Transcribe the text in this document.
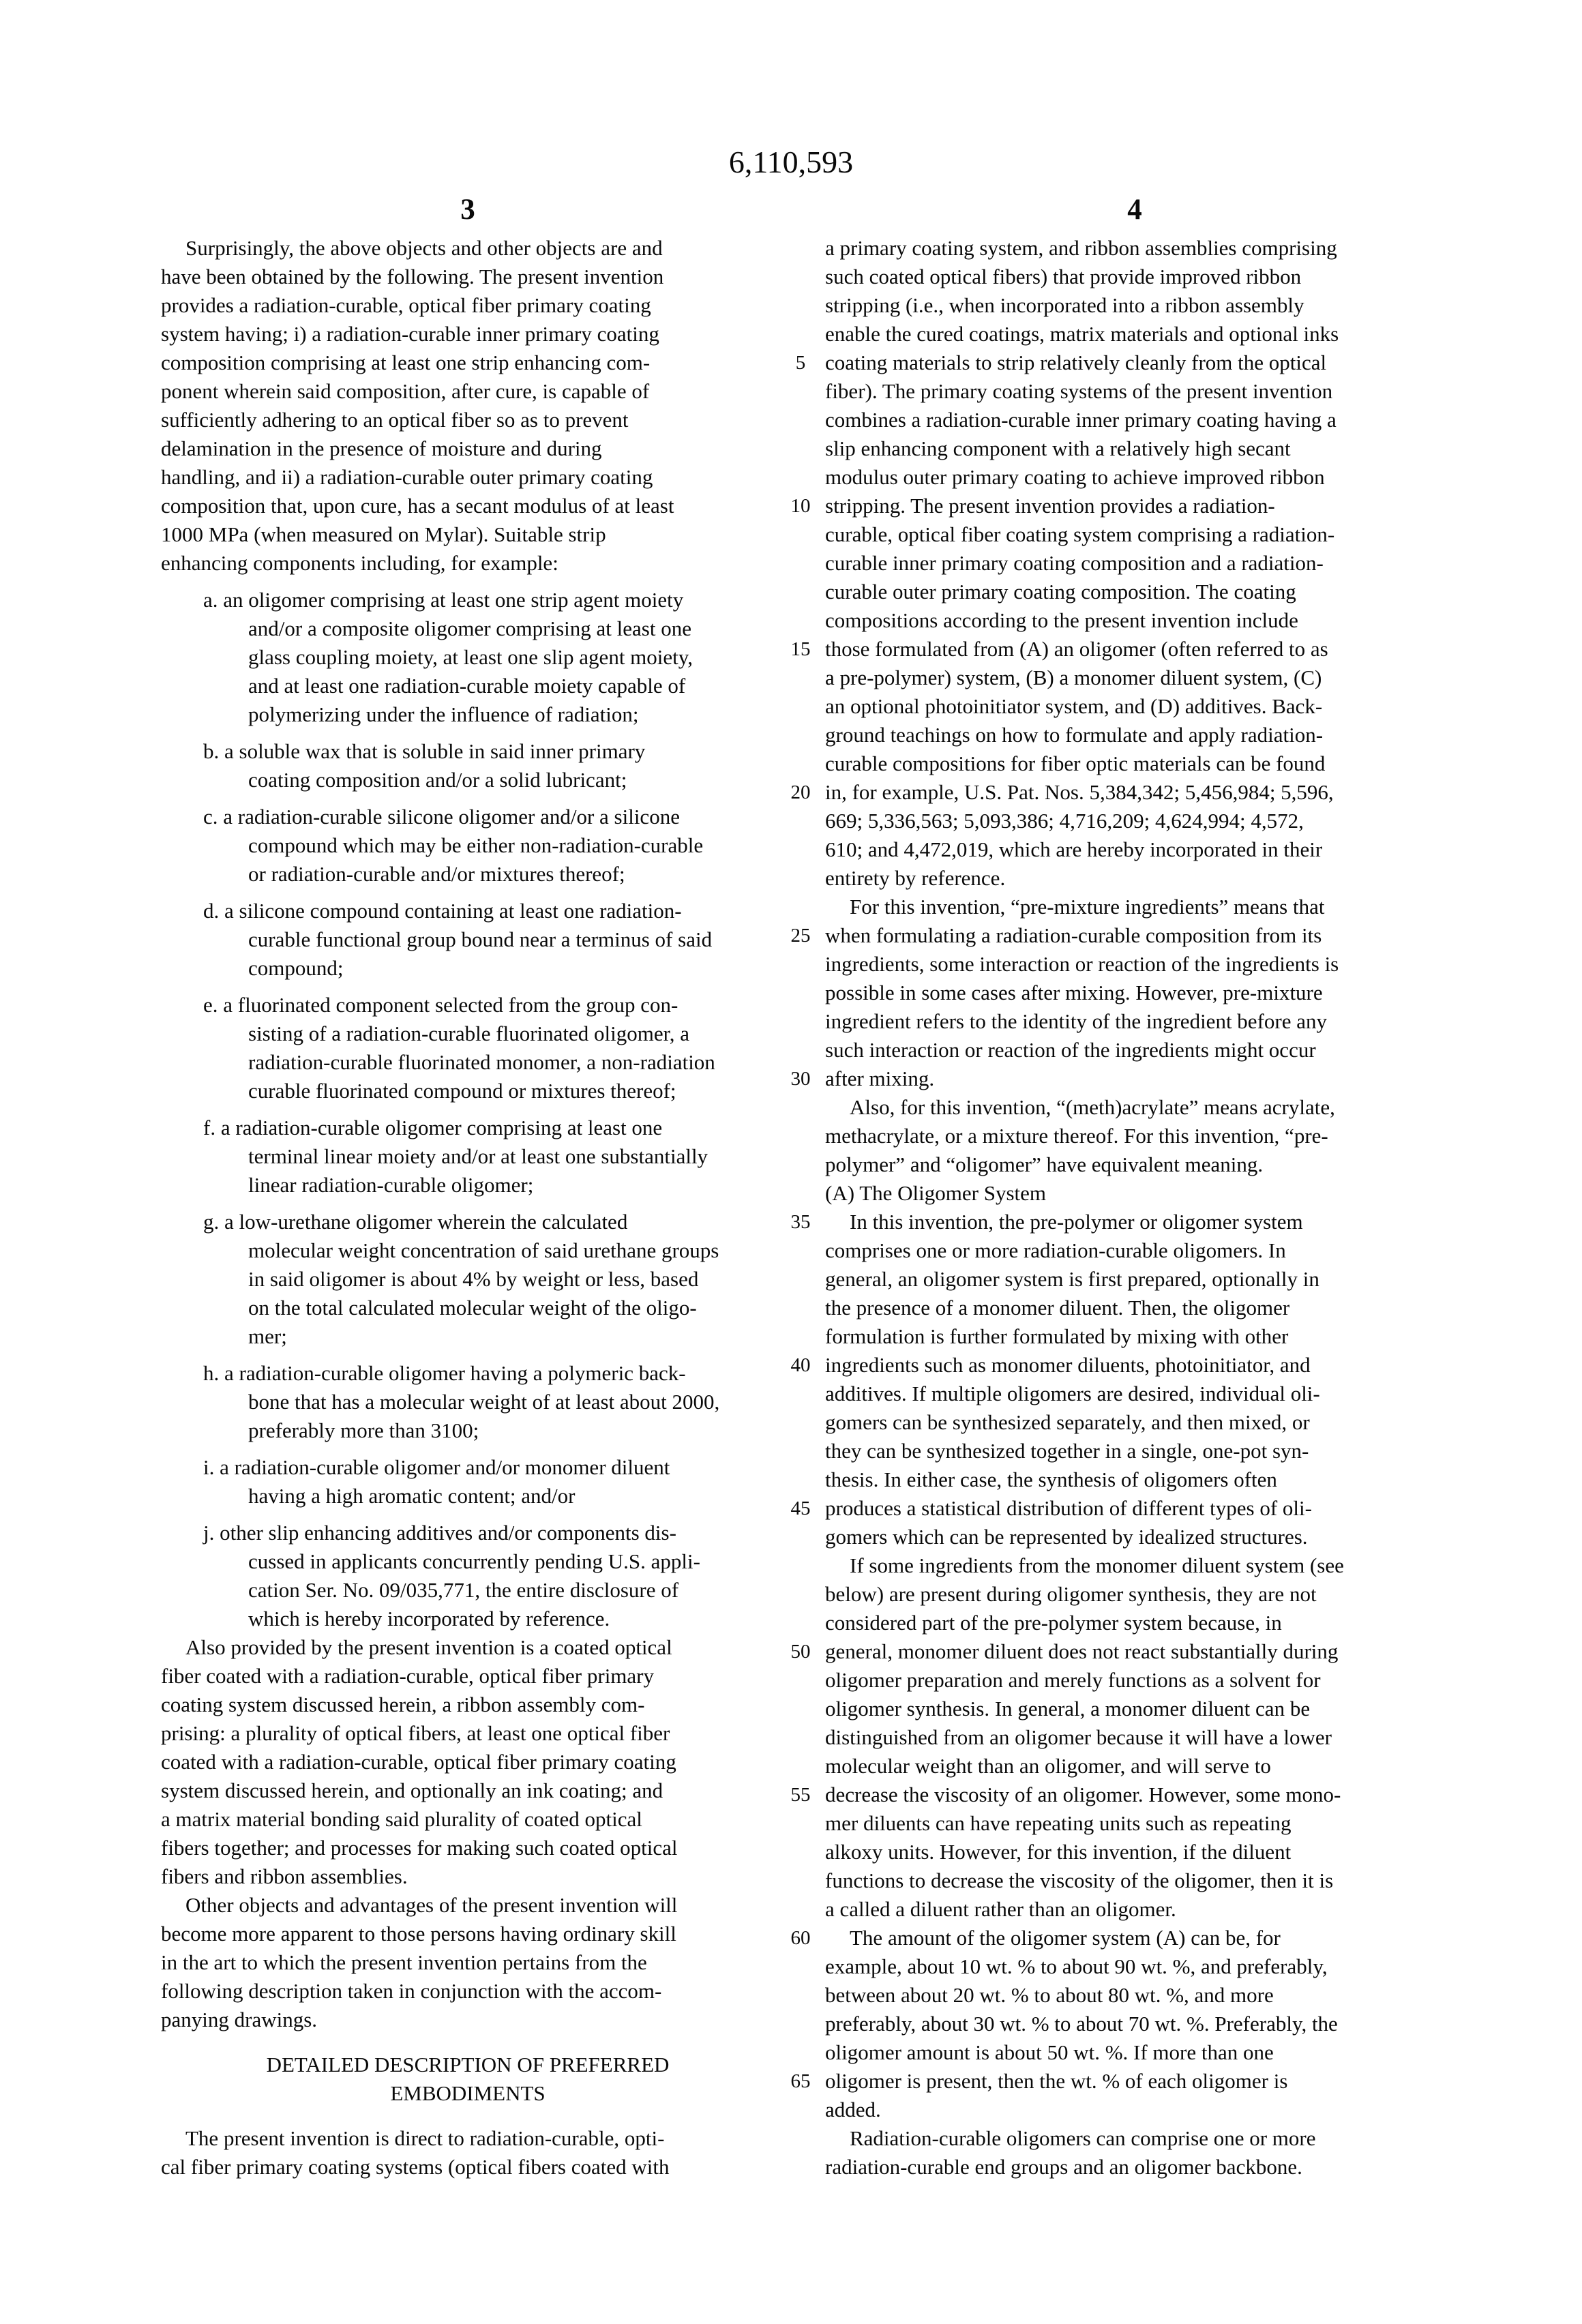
6,110,593
3	4
Surprisingly, the above objects and other objects are and
have been obtained by the following. The present invention
provides a radiation-curable, optical fiber primary coating
system having; i) a radiation-curable inner primary coating
composition comprising at least one strip enhancing com-
ponent wherein said composition, after cure, is capable of
sufficiently adhering to an optical fiber so as to prevent
delamination in the presence of moisture and during
handling, and ii) a radiation-curable outer primary coating
composition that, upon cure, has a secant modulus of at least
1000 MPa (when measured on Mylar). Suitable strip
enhancing components including, for example:
a. an oligomer comprising at least one strip agent moiety
and/or a composite oligomer comprising at least one
glass coupling moiety, at least one slip agent moiety,
and at least one radiation-curable moiety capable of
polymerizing under the influence of radiation;
b. a soluble wax that is soluble in said inner primary
coating composition and/or a solid lubricant;
c. a radiation-curable silicone oligomer and/or a silicone
compound which may be either non-radiation-curable
or radiation-curable and/or mixtures thereof;
d. a silicone compound containing at least one radiation-
curable functional group bound near a terminus of said
compound;
e. a fluorinated component selected from the group con-
sisting of a radiation-curable fluorinated oligomer, a
radiation-curable fluorinated monomer, a non-radiation
curable fluorinated compound or mixtures thereof;
f. a radiation-curable oligomer comprising at least one
terminal linear moiety and/or at least one substantially
linear radiation-curable oligomer;
g. a low-urethane oligomer wherein the calculated
molecular weight concentration of said urethane groups
in said oligomer is about 4% by weight or less, based
on the total calculated molecular weight of the oligo-
mer;
h. a radiation-curable oligomer having a polymeric back-
bone that has a molecular weight of at least about 2000,
preferably more than 3100;
i. a radiation-curable oligomer and/or monomer diluent
having a high aromatic content; and/or
j. other slip enhancing additives and/or components dis-
cussed in applicants concurrently pending U.S. appli-
cation Ser. No. 09/035,771, the entire disclosure of
which is hereby incorporated by reference.
Also provided by the present invention is a coated optical
fiber coated with a radiation-curable, optical fiber primary
coating system discussed herein, a ribbon assembly com-
prising: a plurality of optical fibers, at least one optical fiber
coated with a radiation-curable, optical fiber primary coating
system discussed herein, and optionally an ink coating; and
a matrix material bonding said plurality of coated optical
fibers together; and processes for making such coated optical
fibers and ribbon assemblies.
Other objects and advantages of the present invention will
become more apparent to those persons having ordinary skill
in the art to which the present invention pertains from the
following description taken in conjunction with the accom-
panying drawings.
DETAILED DESCRIPTION OF PREFERRED
EMBODIMENTS
The present invention is direct to radiation-curable, opti-
cal fiber primary coating systems (optical fibers coated with
a primary coating system, and ribbon assemblies comprising
such coated optical fibers) that provide improved ribbon
stripping (i.e., when incorporated into a ribbon assembly
enable the cured coatings, matrix materials and optional inks
coating materials to strip relatively cleanly from the optical
fiber). The primary coating systems of the present invention
combines a radiation-curable inner primary coating having a
slip enhancing component with a relatively high secant
modulus outer primary coating to achieve improved ribbon
stripping. The present invention provides a radiation-
curable, optical fiber coating system comprising a radiation-
curable inner primary coating composition and a radiation-
curable outer primary coating composition. The coating
compositions according to the present invention include
those formulated from (A) an oligomer (often referred to as
a pre-polymer) system, (B) a monomer diluent system, (C)
an optional photoinitiator system, and (D) additives. Back-
ground teachings on how to formulate and apply radiation-
curable compositions for fiber optic materials can be found
in, for example, U.S. Pat. Nos. 5,384,342; 5,456,984; 5,596,
669; 5,336,563; 5,093,386; 4,716,209; 4,624,994; 4,572,
610; and 4,472,019, which are hereby incorporated in their
entirety by reference.
For this invention, “pre-mixture ingredients” means that
when formulating a radiation-curable composition from its
ingredients, some interaction or reaction of the ingredients is
possible in some cases after mixing. However, pre-mixture
ingredient refers to the identity of the ingredient before any
such interaction or reaction of the ingredients might occur
after mixing.
Also, for this invention, “(meth)acrylate” means acrylate,
methacrylate, or a mixture thereof. For this invention, “pre-
polymer” and “oligomer” have equivalent meaning.
(A) The Oligomer System
In this invention, the pre-polymer or oligomer system
comprises one or more radiation-curable oligomers. In
general, an oligomer system is first prepared, optionally in
the presence of a monomer diluent. Then, the oligomer
formulation is further formulated by mixing with other
ingredients such as monomer diluents, photoinitiator, and
additives. If multiple oligomers are desired, individual oli-
gomers can be synthesized separately, and then mixed, or
they can be synthesized together in a single, one-pot syn-
thesis. In either case, the synthesis of oligomers often
produces a statistical distribution of different types of oli-
gomers which can be represented by idealized structures.
If some ingredients from the monomer diluent system (see
below) are present during oligomer synthesis, they are not
considered part of the pre-polymer system because, in
general, monomer diluent does not react substantially during
oligomer preparation and merely functions as a solvent for
oligomer synthesis. In general, a monomer diluent can be
distinguished from an oligomer because it will have a lower
molecular weight than an oligomer, and will serve to
decrease the viscosity of an oligomer. However, some mono-
mer diluents can have repeating units such as repeating
alkoxy units. However, for this invention, if the diluent
functions to decrease the viscosity of the oligomer, then it is
a called a diluent rather than an oligomer.
The amount of the oligomer system (A) can be, for
example, about 10 wt. % to about 90 wt. %, and preferably,
between about 20 wt. % to about 80 wt. %, and more
preferably, about 30 wt. % to about 70 wt. %. Preferably, the
oligomer amount is about 50 wt. %. If more than one
oligomer is present, then the wt. % of each oligomer is
added.
Radiation-curable oligomers can comprise one or more
radiation-curable end groups and an oligomer backbone.
5
10
15
20
25
30
35
40
45
50
55
60
65
